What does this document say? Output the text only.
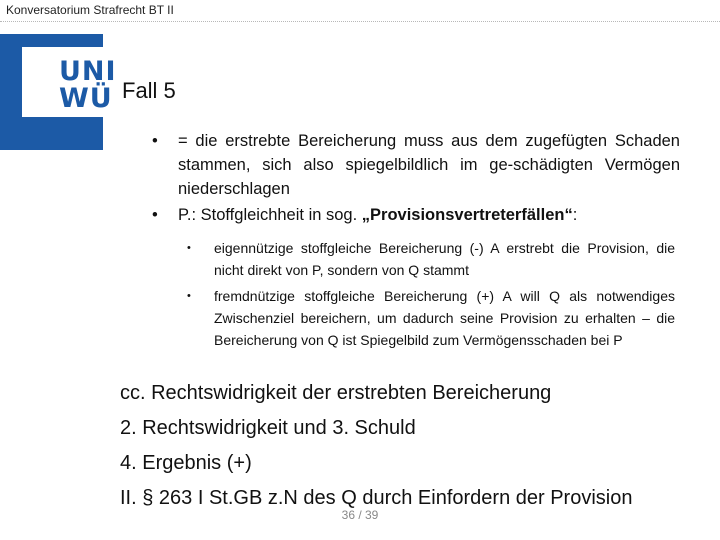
Konversatorium Strafrecht BT II
UNI
WÜ Fall 5
• = die erstrebte Bereicherung muss aus dem zugefügten Schaden stammen, sich also spiegelbildlich im ge-schädigten Vermögen niederschlagen
• P.: Stoffgleichheit in sog. „Provisionsvertreterfällen“:
• eigennützige stoffgleiche Bereicherung (-) A erstrebt die Provision, die nicht direkt von P, sondern von Q stammt
• fremdnützige stoffgleiche Bereicherung (+) A will Q als notwendiges Zwischenziel bereichern, um dadurch seine Provision zu erhalten – die Bereicherung von Q ist Spiegelbild zum Vermögensschaden bei P
cc. Rechtswidrigkeit der erstrebten Bereicherung
2. Rechtswidrigkeit und 3. Schuld
4. Ergebnis (+)
II. § 263 I St.GB z.N des Q durch Einfordern der Provision
36 / 39
